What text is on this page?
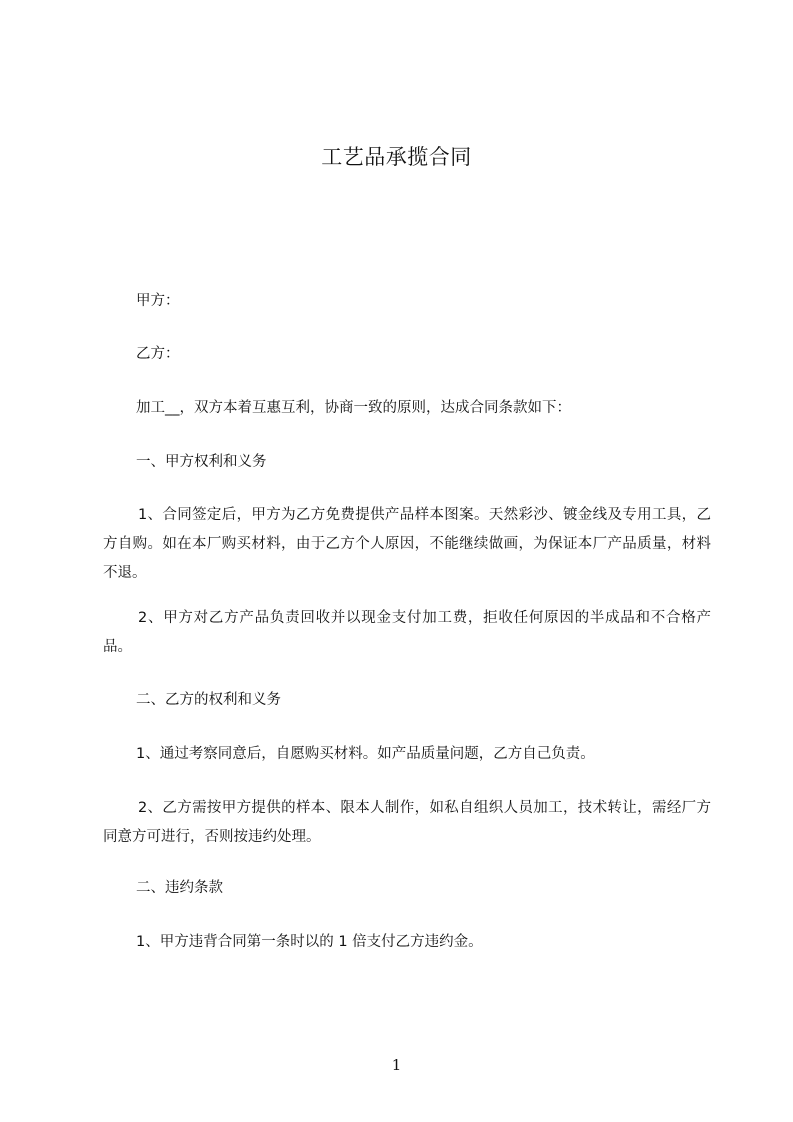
工艺品承揽合同
甲方：
乙方：
加工__，双方本着互惠互利，协商一致的原则，达成合同条款如下：
一、甲方权利和义务
1、合同签定后，甲方为乙方免费提供产品样本图案。天然彩沙、镀金线及专用工具，乙方自购。如在本厂购买材料，由于乙方个人原因，不能继续做画，为保证本厂产品质量，材料不退。
2、甲方对乙方产品负责回收并以现金支付加工费，拒收任何原因的半成品和不合格产品。
二、乙方的权利和义务
1、通过考察同意后，自愿购买材料。如产品质量问题，乙方自己负责。
2、乙方需按甲方提供的样本、限本人制作，如私自组织人员加工，技术转让，需经厂方同意方可进行，否则按违约处理。
二、违约条款
1、甲方违背合同第一条时以的 1 倍支付乙方违约金。
1
